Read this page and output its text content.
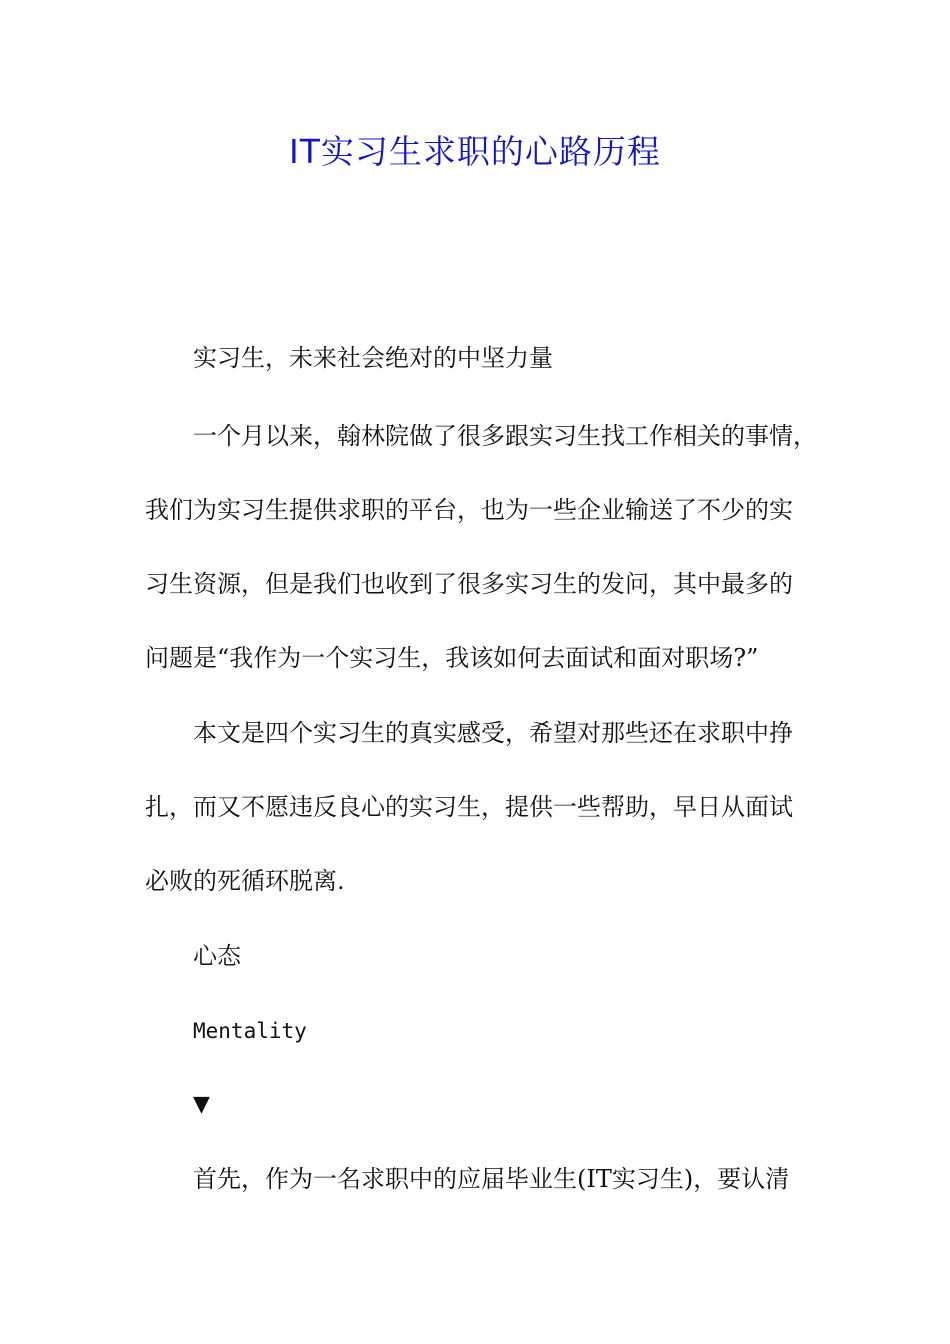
IT实习生求职的心路历程

实习生，未来社会绝对的中坚力量

一个月以来，翰林院做了很多跟实习生找工作相关的事情，

我们为实习生提供求职的平台，也为一些企业输送了不少的实

习生资源，但是我们也收到了很多实习生的发问，其中最多的

问题是“我作为一个实习生，我该如何去面试和面对职场?”

本文是四个实习生的真实感受，希望对那些还在求职中挣

扎，而又不愿违反良心的实习生，提供一些帮助，早日从面试

必败的死循环脱离.

心态

Mentality

▼

首先，作为一名求职中的应届毕业生(IT实习生)，要认清
